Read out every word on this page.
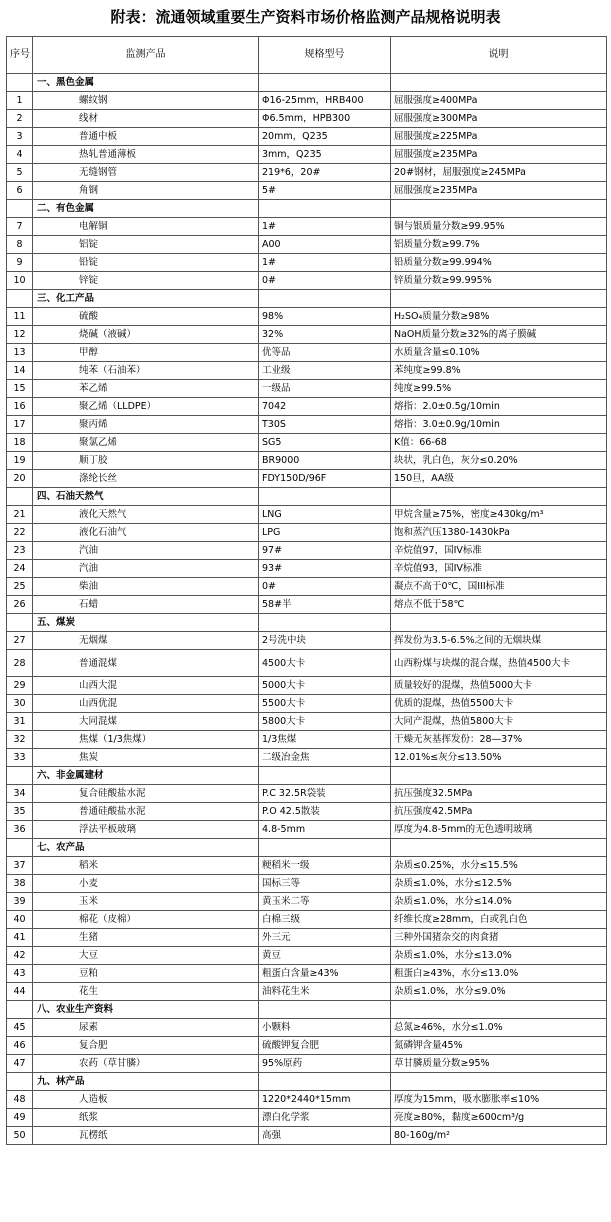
附表：流通领域重要生产资料市场价格监测产品规格说明表
序号	监测产品	规格型号	说明
	一、黑色金属		
1	螺纹钢	Φ16-25mm，HRB400	屈服强度≥400MPa
2	线材	Φ6.5mm，HPB300	屈服强度≥300MPa
3	普通中板	20mm，Q235	屈服强度≥225MPa
4	热轧普通薄板	3mm，Q235	屈服强度≥235MPa
5	无缝钢管	219*6，20#	20#钢材，屈服强度≥245MPa
6	角钢	5#	屈服强度≥235MPa
	二、有色金属		
7	电解铜	1#	铜与银质量分数≥99.95%
8	铝锭	A00	铝质量分数≥99.7%
9	铅锭	1#	铅质量分数≥99.994%
10	锌锭	0#	锌质量分数≥99.995%
	三、化工产品		
11	硫酸	98%	H₂SO₄质量分数≥98%
12	烧碱（液碱）	32%	NaOH质量分数≥32%的离子膜碱
13	甲醇	优等品	水质量含量≤0.10%
14	纯苯（石油苯）	工业级	苯纯度≥99.8%
15	苯乙烯	一级品	纯度≥99.5%
16	聚乙烯（LLDPE）	7042	熔指：2.0±0.5g/10min
17	聚丙烯	T30S	熔指：3.0±0.9g/10min
18	聚氯乙烯	SG5	K值：66-68
19	顺丁胶	BR9000	块状，乳白色，灰分≤0.20%
20	涤纶长丝	FDY150D/96F	150旦，AA级
	四、石油天然气		
21	液化天然气	LNG	甲烷含量≥75%，密度≥430kg/m³
22	液化石油气	LPG	饱和蒸汽压1380-1430kPa
23	汽油	97#	辛烷值97，国IV标准
24	汽油	93#	辛烷值93，国IV标准
25	柴油	0#	凝点不高于0℃，国III标准
26	石蜡	58#半	熔点不低于58℃
	五、煤炭		
27	无烟煤	2号洗中块	挥发份为3.5-6.5%之间的无烟块煤
28	普通混煤	4500大卡	山西粉煤与块煤的混合煤，热值4500大卡
29	山西大混	5000大卡	质量较好的混煤，热值5000大卡
30	山西优混	5500大卡	优质的混煤，热值5500大卡
31	大同混煤	5800大卡	大同产混煤，热值5800大卡
32	焦煤（1/3焦煤）	1/3焦煤	干燥无灰基挥发份：28—37%
33	焦炭	二级冶金焦	12.01%≤灰分≤13.50%
	六、非金属建材		
34	复合硅酸盐水泥	P.C 32.5R袋装	抗压强度32.5MPa
35	普通硅酸盐水泥	P.O 42.5散装	抗压强度42.5MPa
36	浮法平板玻璃	4.8-5mm	厚度为4.8-5mm的无色透明玻璃
	七、农产品		
37	稻米	粳稻米一级	杂质≤0.25%，水分≤15.5%
38	小麦	国标三等	杂质≤1.0%，水分≤12.5%
39	玉米	黄玉米二等	杂质≤1.0%，水分≤14.0%
40	棉花（皮棉）	白棉三级	纤维长度≥28mm，白或乳白色
41	生猪	外三元	三种外国猪杂交的肉食猪
42	大豆	黄豆	杂质≤1.0%，水分≤13.0%
43	豆粕	粗蛋白含量≥43%	粗蛋白≥43%，水分≤13.0%
44	花生	油料花生米	杂质≤1.0%，水分≤9.0%
	八、农业生产资料		
45	尿素	小颗料	总氮≥46%，水分≤1.0%
46	复合肥	硫酸钾复合肥	氮磷钾含量45%
47	农药（草甘膦）	95%原药	草甘膦质量分数≥95%
	九、林产品		
48	人造板	1220*2440*15mm	厚度为15mm，吸水膨胀率≤10%
49	纸浆	漂白化学浆	亮度≥80%，黏度≥600cm³/g
50	瓦楞纸	高强	80-160g/m²
